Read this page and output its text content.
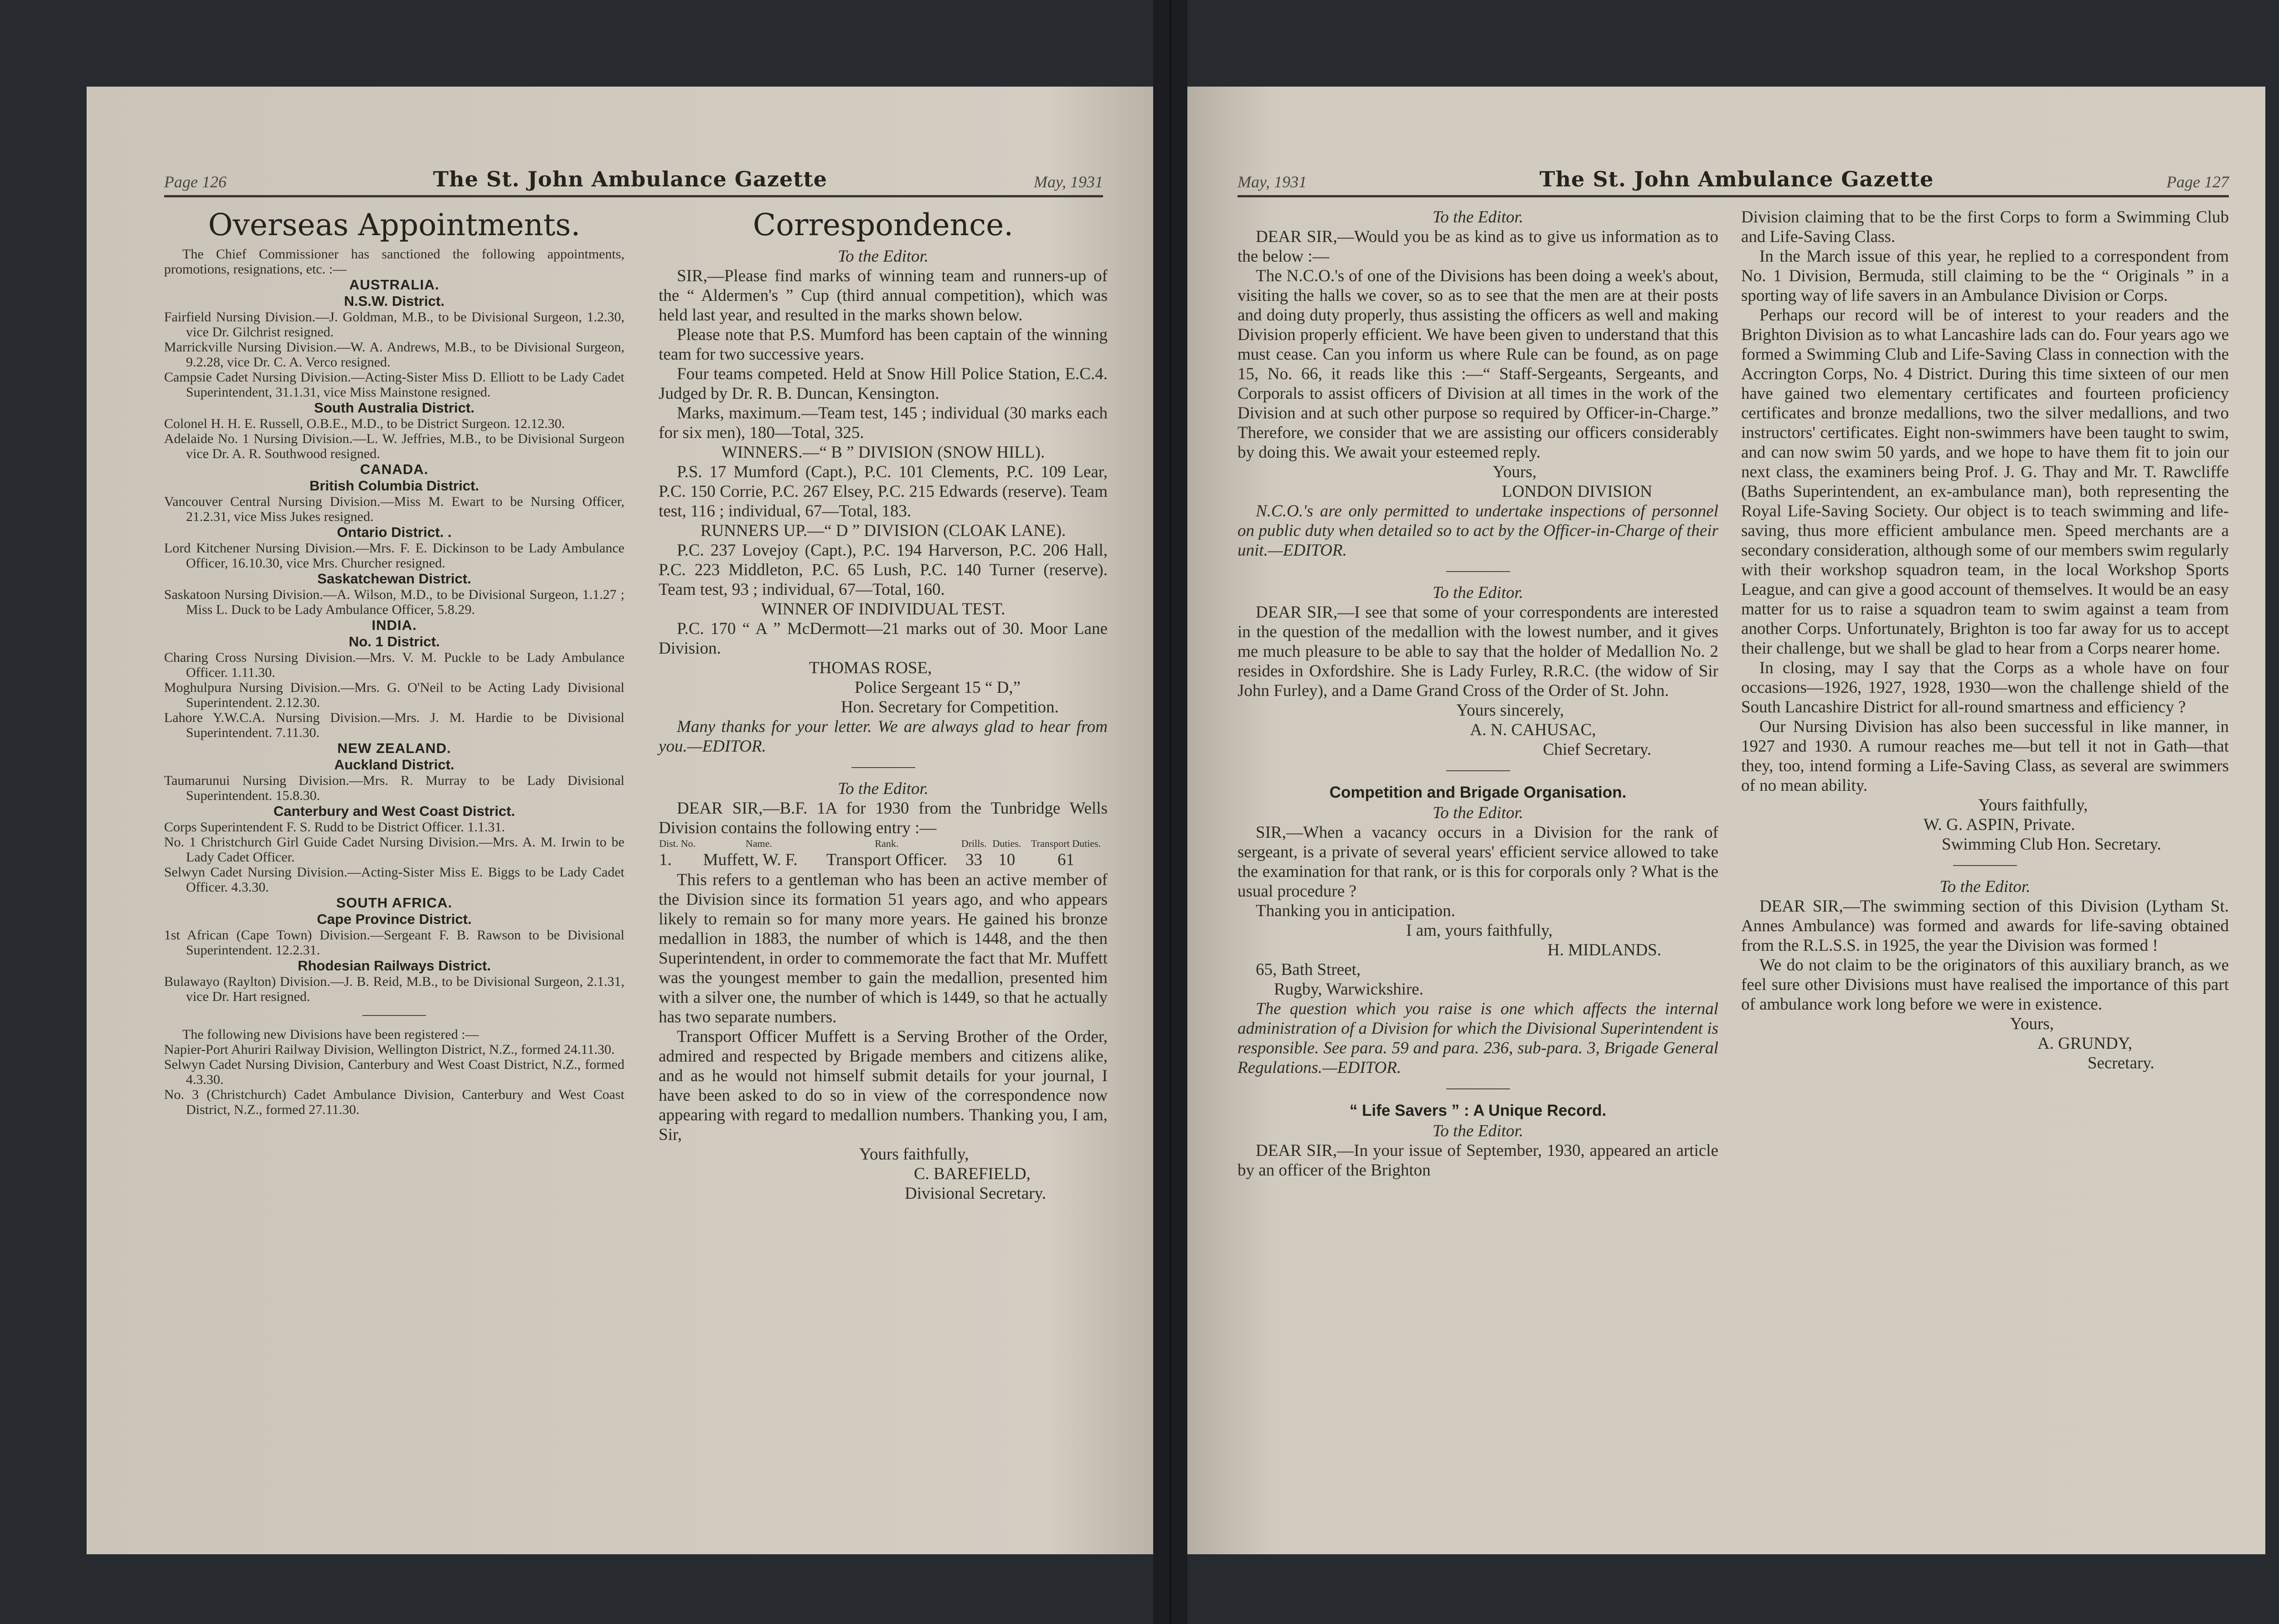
Page 126	The St. John Ambulance Gazette	May, 1931
Overseas Appointments.

The Chief Commissioner has sanctioned the following appointments, promotions, resignations, etc. :—

AUSTRALIA.
N.S.W. District.
Fairfield Nursing Division.—J. Goldman, M.B., to be Divisional Surgeon, 1.2.30, vice Dr. Gilchrist resigned.
Marrickville Nursing Division.—W. A. Andrews, M.B., to be Divisional Surgeon, 9.2.28, vice Dr. C. A. Verco resigned.
Campsie Cadet Nursing Division.—Acting-Sister Miss D. Elliott to be Lady Cadet Superintendent, 31.1.31, vice Miss Mainstone resigned.
South Australia District.
Colonel H. H. E. Russell, O.B.E., M.D., to be District Surgeon. 12.12.30.
Adelaide No. 1 Nursing Division.—L. W. Jeffries, M.B., to be Divisional Surgeon vice Dr. A. R. Southwood resigned.
CANADA.
British Columbia District.
Vancouver Central Nursing Division.—Miss M. Ewart to be Nursing Officer, 21.2.31, vice Miss Jukes resigned.
Ontario District. .
Lord Kitchener Nursing Division.—Mrs. F. E. Dickinson to be Lady Ambulance Officer, 16.10.30, vice Mrs. Churcher resigned.
Saskatchewan District.
Saskatoon Nursing Division.—A. Wilson, M.D., to be Divisional Surgeon, 1.1.27 ; Miss L. Duck to be Lady Ambulance Officer, 5.8.29.
INDIA.
No. 1 District.
Charing Cross Nursing Division.—Mrs. V. M. Puckle to be Lady Ambulance Officer. 1.11.30.
Moghulpura Nursing Division.—Mrs. G. O'Neil to be Acting Lady Divisional Superintendent. 2.12.30.
Lahore Y.W.C.A. Nursing Division.—Mrs. J. M. Hardie to be Divisional Superintendent. 7.11.30.
NEW ZEALAND.
Auckland District.
Taumarunui Nursing Division.—Mrs. R. Murray to be Lady Divisional Superintendent. 15.8.30.
Canterbury and West Coast District.
Corps Superintendent F. S. Rudd to be District Officer. 1.1.31.
No. 1 Christchurch Girl Guide Cadet Nursing Division.—Mrs. A. M. Irwin to be Lady Cadet Officer.
Selwyn Cadet Nursing Division.—Acting-Sister Miss E. Biggs to be Lady Cadet Officer. 4.3.30.
SOUTH AFRICA.
Cape Province District.
1st African (Cape Town) Division.—Sergeant F. B. Rawson to be Divisional Superintendent. 12.2.31.
Rhodesian Railways District.
Bulawayo (Raylton) Division.—J. B. Reid, M.B., to be Divisional Surgeon, 2.1.31, vice Dr. Hart resigned.

The following new Divisions have been registered :—

Napier-Port Ahuriri Railway Division, Wellington District, N.Z., formed 24.11.30.
Selwyn Cadet Nursing Division, Canterbury and West Coast District, N.Z., formed 4.3.30.
No. 3 (Christchurch) Cadet Ambulance Division, Canterbury and West Coast District, N.Z., formed 27.11.30.
Correspondence.
To the Editor.

SIR,—Please find marks of winning team and runners-up of the “ Aldermen's ” Cup (third annual competition), which was held last year, and resulted in the marks shown below.

Please note that P.S. Mumford has been captain of the winning team for two successive years.

Four teams competed. Held at Snow Hill Police Station, E.C.4. Judged by Dr. R. B. Duncan, Kensington.

Marks, maximum.—Team test, 145 ; individual (30 marks each for six men), 180—Total, 325.

WINNERS.—“ B ” DIVISION (SNOW HILL).

P.S. 17 Mumford (Capt.), P.C. 101 Clements, P.C. 109 Lear, P.C. 150 Corrie, P.C. 267 Elsey, P.C. 215 Edwards (reserve). Team test, 116 ; individual, 67—Total, 183.

RUNNERS UP.—“ D ” DIVISION (CLOAK LANE).

P.C. 237 Lovejoy (Capt.), P.C. 194 Harverson, P.C. 206 Hall, P.C. 223 Middleton, P.C. 65 Lush, P.C. 140 Turner (reserve). Team test, 93 ; individual, 67—Total, 160.

WINNER OF INDIVIDUAL TEST.

P.C. 170 “ A ” McDermott—21 marks out of 30. Moor Lane Division.

THOMAS ROSE,
Police Sergeant 15 “ D,”
Hon. Secretary for Competition.

Many thanks for your letter. We are always glad to hear from you.—EDITOR.

To the Editor.

DEAR SIR,—B.F. 1A for 1930 from the Tunbridge Wells Division contains the following entry :—

Dist. No.	Name.	Rank.	Drills.	Duties.	Transport Duties.
1.	Muffett, W. F.	Transport Officer.	33	10	61

This refers to a gentleman who has been an active member of the Division since its formation 51 years ago, and who appears likely to remain so for many more years. He gained his bronze medallion in 1883, the number of which is 1448, and the then Superintendent, in order to commemorate the fact that Mr. Muffett was the youngest member to gain the medallion, presented him with a silver one, the number of which is 1449, so that he actually has two separate numbers.

Transport Officer Muffett is a Serving Brother of the Order, admired and respected by Brigade members and citizens alike, and as he would not himself submit details for your journal, I have been asked to do so in view of the correspondence now appearing with regard to medallion numbers. Thanking you, I am, Sir,

Yours faithfully,
C. BAREFIELD,
Divisional Secretary.
May, 1931	The St. John Ambulance Gazette	Page 127
To the Editor.

DEAR SIR,—Would you be as kind as to give us information as to the below :—

The N.C.O.'s of one of the Divisions has been doing a week's about, visiting the halls we cover, so as to see that the men are at their posts and doing duty properly, thus assisting the officers as well and making Division properly efficient. We have been given to understand that this must cease. Can you inform us where Rule can be found, as on page 15, No. 66, it reads like this :—“ Staff-Sergeants, Sergeants, and Corporals to assist officers of Division at all times in the work of the Division and at such other purpose so required by Officer-in-Charge.” Therefore, we consider that we are assisting our officers considerably by doing this. We await your esteemed reply.

Yours,
LONDON DIVISION

N.C.O.'s are only permitted to undertake inspections of personnel on public duty when detailed so to act by the Officer-in-Charge of their unit.—EDITOR.

To the Editor.

DEAR SIR,—I see that some of your correspondents are interested in the question of the medallion with the lowest number, and it gives me much pleasure to be able to say that the holder of Medallion No. 2 resides in Oxfordshire. She is Lady Furley, R.R.C. (the widow of Sir John Furley), and a Dame Grand Cross of the Order of St. John.

Yours sincerely,
A. N. CAHUSAC,
Chief Secretary.
Competition and Brigade Organisation.
To the Editor.

SIR,—When a vacancy occurs in a Division for the rank of sergeant, is a private of several years' efficient service allowed to take the examination for that rank, or is this for corporals only ? What is the usual procedure ?

Thanking you in anticipation.

I am, yours faithfully,
H. MIDLANDS.
65, Bath Street,
Rugby, Warwickshire.

The question which you raise is one which affects the internal administration of a Division for which the Divisional Superintendent is responsible. See para. 59 and para. 236, sub-para. 3, Brigade General Regulations.—EDITOR.

“ Life Savers ” : A Unique Record.
To the Editor.

DEAR SIR,—In your issue of September, 1930, appeared an article by an officer of the Brighton

Division claiming that to be the first Corps to form a Swimming Club and Life-Saving Class.

In the March issue of this year, he replied to a correspondent from No. 1 Division, Bermuda, still claiming to be the “ Originals ” in a sporting way of life savers in an Ambulance Division or Corps.

Perhaps our record will be of interest to your readers and the Brighton Division as to what Lancashire lads can do. Four years ago we formed a Swimming Club and Life-Saving Class in connection with the Accrington Corps, No. 4 District. During this time sixteen of our men have gained two elementary certificates and fourteen proficiency certificates and bronze medallions, two the silver medallions, and two instructors' certificates. Eight non-swimmers have been taught to swim, and can now swim 50 yards, and we hope to have them fit to join our next class, the examiners being Prof. J. G. Thay and Mr. T. Rawcliffe (Baths Superintendent, an ex-ambulance man), both representing the Royal Life-Saving Society. Our object is to teach swimming and life-saving, thus more efficient ambulance men. Speed merchants are a secondary consideration, although some of our members swim regularly with their workshop squadron team, in the local Workshop Sports League, and can give a good account of themselves. It would be an easy matter for us to raise a squadron team to swim against a team from another Corps. Unfortunately, Brighton is too far away for us to accept their challenge, but we shall be glad to hear from a Corps nearer home.

In closing, may I say that the Corps as a whole have on four occasions—1926, 1927, 1928, 1930—won the challenge shield of the South Lancashire District for all-round smartness and efficiency ?

Our Nursing Division has also been successful in like manner, in 1927 and 1930. A rumour reaches me—but tell it not in Gath—that they, too, intend forming a Life-Saving Class, as several are swimmers of no mean ability.

Yours faithfully,
W. G. ASPIN, Private.
Swimming Club Hon. Secretary.
To the Editor.

DEAR SIR,—The swimming section of this Division (Lytham St. Annes Ambulance) was formed and awards for life-saving obtained from the R.L.S.S. in 1925, the year the Division was formed !

We do not claim to be the originators of this auxiliary branch, as we feel sure other Divisions must have realised the importance of this part of ambulance work long before we were in existence.

Yours,
A. GRUNDY,
Secretary.
